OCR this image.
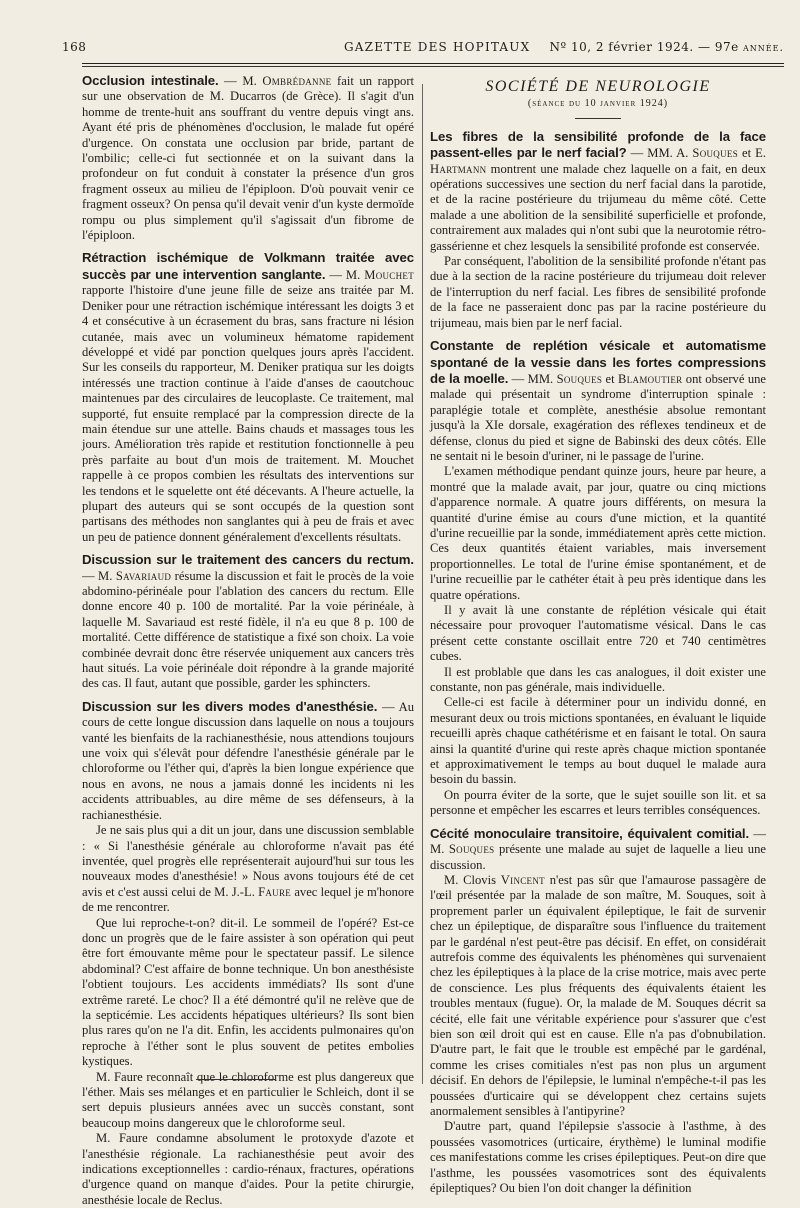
168	GAZETTE DES HOPITAUX Nº 10, 2 février 1924. — 97e année.

Occlusion intestinale. — M. Ombrédanne fait un rapport sur une observation de M. Ducarros (de Grèce). Il s'agit d'un homme de trente-huit ans souffrant du ventre depuis vingt ans. Ayant été pris de phénomènes d'occlusion, le malade fut opéré d'urgence. On constata une occlusion par bride, partant de l'ombilic; celle-ci fut sectionnée et on la suivant dans la profondeur on fut conduit à constater la présence d'un gros fragment osseux au milieu de l'épiploon. D'où pouvait venir ce fragment osseux? On pensa qu'il devait venir d'un kyste dermoïde rompu ou plus simplement qu'il s'agissait d'un fibrome de l'épiploon.

Rétraction ischémique de Volkmann traitée avec succès par une intervention sanglante. — M. Mouchet rapporte l'histoire d'une jeune fille de seize ans traitée par M. Deniker pour une rétraction ischémique intéressant les doigts 3 et 4 et consécutive à un écrasement du bras, sans fracture ni lésion cutanée, mais avec un volumineux hématome rapidement développé et vidé par ponction quelques jours après l'accident. Sur les conseils du rapporteur, M. Deniker pratiqua sur les doigts intéressés une traction continue à l'aide d'anses de caoutchouc maintenues par des circulaires de leucoplaste. Ce traitement, mal supporté, fut ensuite remplacé par la compression directe de la main étendue sur une attelle. Bains chauds et massages tous les jours. Amélioration très rapide et restitution fonctionnelle à peu près parfaite au bout d'un mois de traitement. M. Mouchet rappelle à ce propos combien les résultats des interventions sur les tendons et le squelette ont été décevants. A l'heure actuelle, la plupart des auteurs qui se sont occupés de la question sont partisans des méthodes non sanglantes qui à peu de frais et avec un peu de patience donnent généralement d'excellents résultats.

Discussion sur le traitement des cancers du rectum. — M. Savariaud résume la discussion et fait le procès de la voie abdomino-périnéale pour l'ablation des cancers du rectum. Elle donne encore 40 p. 100 de mortalité. Par la voie périnéale, à laquelle M. Savariaud est resté fidèle, il n'a eu que 8 p. 100 de mortalité. Cette différence de statistique a fixé son choix. La voie combinée devrait donc être réservée uniquement aux cancers très haut situés. La voie périnéale doit répondre à la grande majorité des cas. Il faut, autant que possible, garder les sphincters.

Discussion sur les divers modes d'anesthésie. — Au cours de cette longue discussion dans laquelle on nous a toujours vanté les bienfaits de la rachianesthésie, nous attendions toujours une voix qui s'élevât pour défendre l'anesthésie générale par le chloroforme ou l'éther qui, d'après la bien longue expérience que nous en avons, ne nous a jamais donné les incidents ni les accidents attribuables, au dire même de ses défenseurs, à la rachianesthésie.

Je ne sais plus qui a dit un jour, dans une discussion semblable : « Si l'anesthésie générale au chloroforme n'avait pas été inventée, quel progrès elle représenterait aujourd'hui sur tous les nouveaux modes d'anesthésie! » Nous avons toujours été de cet avis et c'est aussi celui de M. J.-L. Faure avec lequel je m'honore de me rencontrer.

Que lui reproche-t-on? dit-il. Le sommeil de l'opéré? Est-ce donc un progrès que de le faire assister à son opération qui peut être fort émouvante même pour le spectateur passif. Le silence abdominal? C'est affaire de bonne technique. Un bon anesthésiste l'obtient toujours. Les accidents immédiats? Ils sont d'une extrême rareté. Le choc? Il a été démontré qu'il ne relève que de la septicémie. Les accidents hépatiques ultérieurs? Ils sont bien plus rares qu'on ne l'a dit. Enfin, les accidents pulmonaires qu'on reproche à l'éther sont le plus souvent de petites embolies kystiques.

M. Faure reconnaît que le chloroforme est plus dangereux que l'éther. Mais ses mélanges et en particulier le Schleich, dont il se sert depuis plusieurs années avec un succès constant, sont beaucoup moins dangereux que le chloroforme seul.

M. Faure condamne absolument le protoxyde d'azote et l'anesthésie régionale. La rachianesthésie peut avoir des indications exceptionnelles : cardio-rénaux, fractures, opérations d'urgence quand on manque d'aides. Pour la petite chirurgie, anesthésie locale de Reclus.

SOCIÉTÉ DE NEUROLOGIE
(séance du 10 janvier 1924)

Les fibres de la sensibilité profonde de la face passent-elles par le nerf facial? — MM. A. Souques et E. Hartmann montrent une malade chez laquelle on a fait, en deux opérations successives une section du nerf facial dans la parotide, et de la racine postérieure du trijumeau du même côté. Cette malade a une abolition de la sensibilité superficielle et profonde, contrairement aux malades qui n'ont subi que la neurotomie rétro-gassérienne et chez lesquels la sensibilité profonde est conservée.

Par conséquent, l'abolition de la sensibilité profonde n'étant pas due à la section de la racine postérieure du trijumeau doit relever de l'interruption du nerf facial. Les fibres de sensibilité profonde de la face ne passeraient donc pas par la racine postérieure du trijumeau, mais bien par le nerf facial.

Constante de replétion vésicale et automatisme spontané de la vessie dans les fortes compressions de la moelle. — MM. Souques et Blamoutier ont observé une malade qui présentait un syndrome d'interruption spinale : paraplégie totale et complète, anesthésie absolue remontant jusqu'à la XIe dorsale, exagération des réflexes tendineux et de défense, clonus du pied et signe de Babinski des deux côtés. Elle ne sentait ni le besoin d'uriner, ni le passage de l'urine.

L'examen méthodique pendant quinze jours, heure par heure, a montré que la malade avait, par jour, quatre ou cinq mictions d'apparence normale. A quatre jours différents, on mesura la quantité d'urine émise au cours d'une miction, et la quantité d'urine recueillie par la sonde, immédiatement après cette miction. Ces deux quantités étaient variables, mais inversement proportionnelles. Le total de l'urine émise spontanément, et de l'urine recueillie par le cathéter était à peu près identique dans les quatre opérations.

Il y avait là une constante de réplétion vésicale qui était nécessaire pour provoquer l'automatisme vésical. Dans le cas présent cette constante oscillait entre 720 et 740 centimètres cubes.

Il est problable que dans les cas analogues, il doit exister une constante, non pas générale, mais individuelle.

Celle-ci est facile à déterminer pour un individu donné, en mesurant deux ou trois mictions spontanées, en évaluant le liquide recueilli après chaque cathétérisme et en faisant le total. On saura ainsi la quantité d'urine qui reste après chaque miction spontanée et approximativement le temps au bout duquel le malade aura besoin du bassin.

On pourra éviter de la sorte, que le sujet souille son lit. et sa personne et empêcher les escarres et leurs terribles conséquences.

Cécité monoculaire transitoire, équivalent comitial. — M. Souques présente une malade au sujet de laquelle a lieu une discussion.

M. Clovis Vincent n'est pas sûr que l'amaurose passagère de l'œil présentée par la malade de son maître, M. Souques, soit à proprement parler un équivalent épileptique, le fait de survenir chez un épileptique, de disparaître sous l'influence du traitement par le gardénal n'est peut-être pas décisif. En effet, on considérait autrefois comme des équivalents les phénomènes qui survenaient chez les épileptiques à la place de la crise motrice, mais avec perte de conscience. Les plus fréquents des équivalents étaient les troubles mentaux (fugue). Or, la malade de M. Souques décrit sa cécité, elle fait une véritable expérience pour s'assurer que c'est bien son œil droit qui est en cause. Elle n'a pas d'obnubilation. D'autre part, le fait que le trouble est empêché par le gardénal, comme les crises comitiales n'est pas non plus un argument décisif. En dehors de l'épilepsie, le luminal n'empêche-t-il pas les poussées d'urticaire qui se développent chez certains sujets anormalement sensibles à l'antipyrine?

D'autre part, quand l'épilepsie s'associe à l'asthme, à des poussées vasomotrices (urticaire, érythème) le luminal modifie ces manifestations comme les crises épileptiques. Peut-on dire que l'asthme, les poussées vasomotrices sont des équivalents épileptiques? Ou bien l'on doit changer la définition
